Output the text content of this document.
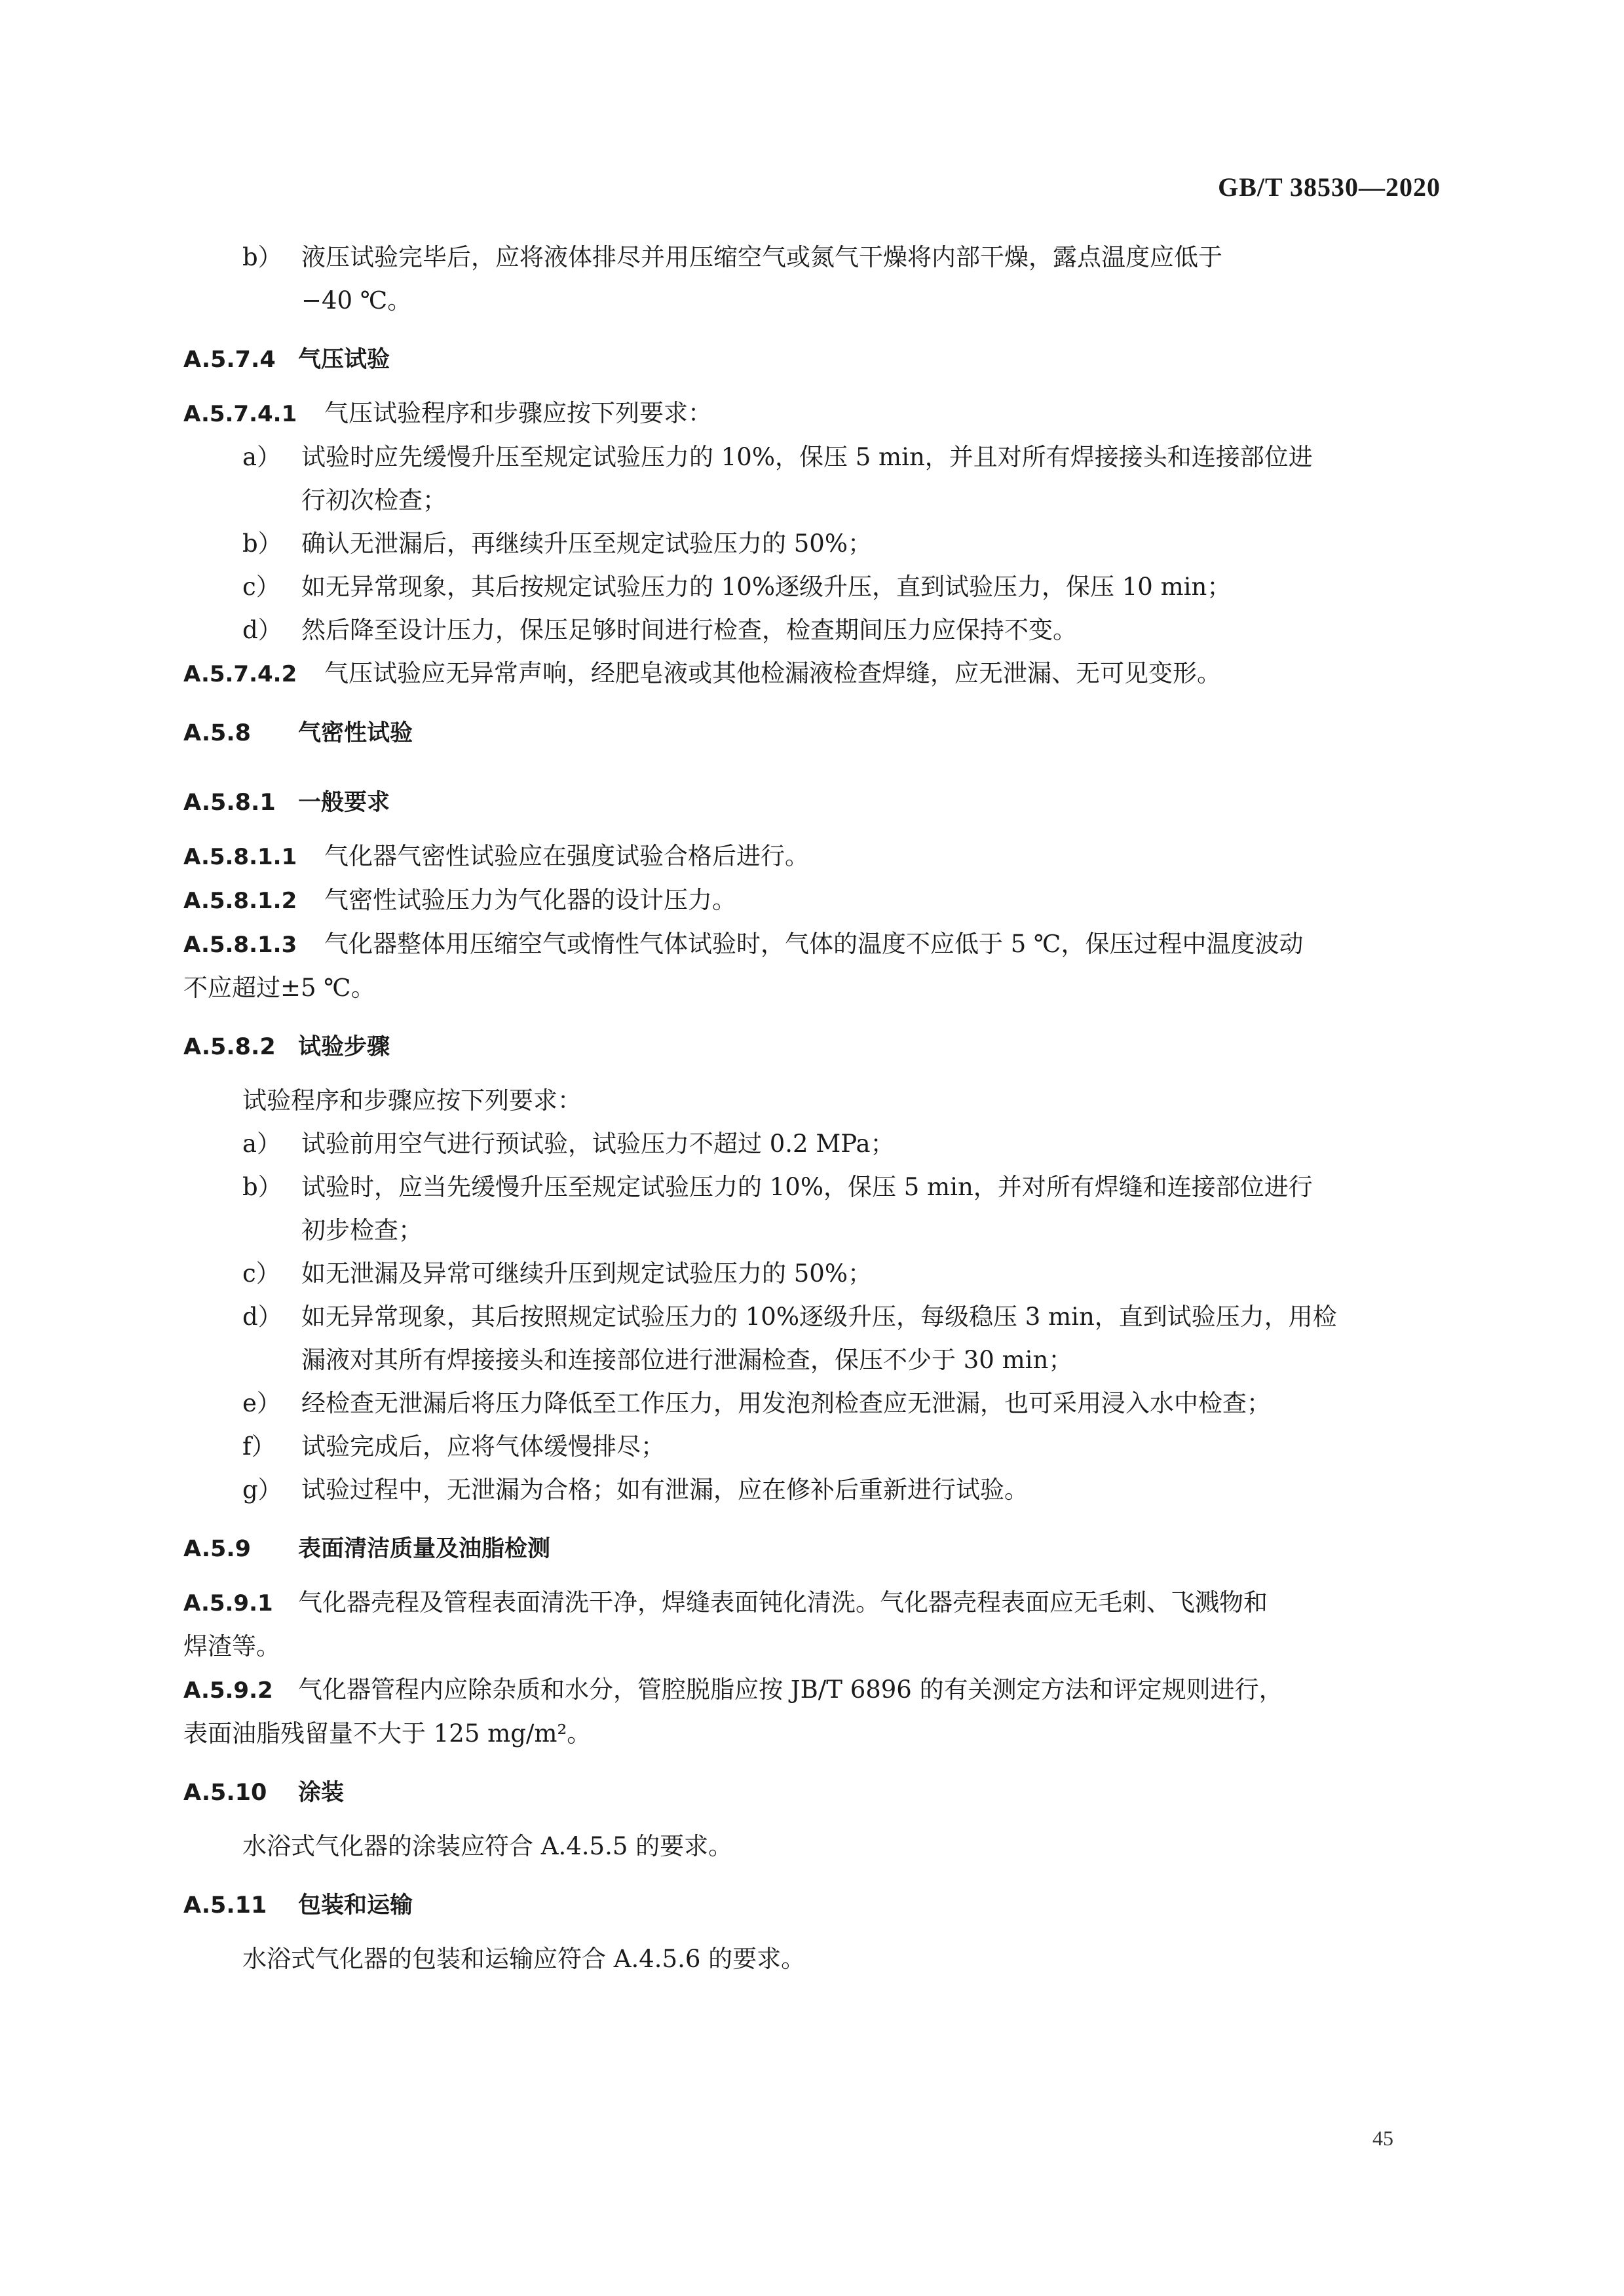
GB/T 38530—2020

b） 液压试验完毕后，应将液体排尽并用压缩空气或氮气干燥将内部干燥，露点温度应低于

−40 ℃。

A.5.7.4 气压试验

A.5.7.4.1 气压试验程序和步骤应按下列要求：

a） 试验时应先缓慢升压至规定试验压力的 10%，保压 5 min，并且对所有焊接接头和连接部位进

行初次检查；

b） 确认无泄漏后，再继续升压至规定试验压力的 50%；

c） 如无异常现象，其后按规定试验压力的 10%逐级升压，直到试验压力，保压 10 min；

d） 然后降至设计压力，保压足够时间进行检查，检查期间压力应保持不变。

A.5.7.4.2 气压试验应无异常声响，经肥皂液或其他检漏液检查焊缝，应无泄漏、无可见变形。

A.5.8 气密性试验

A.5.8.1 一般要求

A.5.8.1.1 气化器气密性试验应在强度试验合格后进行。

A.5.8.1.2 气密性试验压力为气化器的设计压力。

A.5.8.1.3 气化器整体用压缩空气或惰性气体试验时，气体的温度不应低于 5 ℃，保压过程中温度波动

不应超过±5 ℃。

A.5.8.2 试验步骤

试验程序和步骤应按下列要求：

a） 试验前用空气进行预试验，试验压力不超过 0.2 MPa；

b） 试验时，应当先缓慢升压至规定试验压力的 10%，保压 5 min，并对所有焊缝和连接部位进行

初步检查；

c） 如无泄漏及异常可继续升压到规定试验压力的 50%；

d） 如无异常现象，其后按照规定试验压力的 10%逐级升压，每级稳压 3 min，直到试验压力，用检

漏液对其所有焊接接头和连接部位进行泄漏检查，保压不少于 30 min；

e） 经检查无泄漏后将压力降低至工作压力，用发泡剂检查应无泄漏，也可采用浸入水中检查；

f） 试验完成后，应将气体缓慢排尽；

g） 试验过程中，无泄漏为合格；如有泄漏，应在修补后重新进行试验。

A.5.9 表面清洁质量及油脂检测

A.5.9.1 气化器壳程及管程表面清洗干净，焊缝表面钝化清洗。气化器壳程表面应无毛刺、飞溅物和

焊渣等。

A.5.9.2 气化器管程内应除杂质和水分，管腔脱脂应按 JB/T 6896 的有关测定方法和评定规则进行，

表面油脂残留量不大于 125 mg/m²。

A.5.10 涂装

水浴式气化器的涂装应符合 A.4.5.5 的要求。

A.5.11 包装和运输

水浴式气化器的包装和运输应符合 A.4.5.6 的要求。

45
